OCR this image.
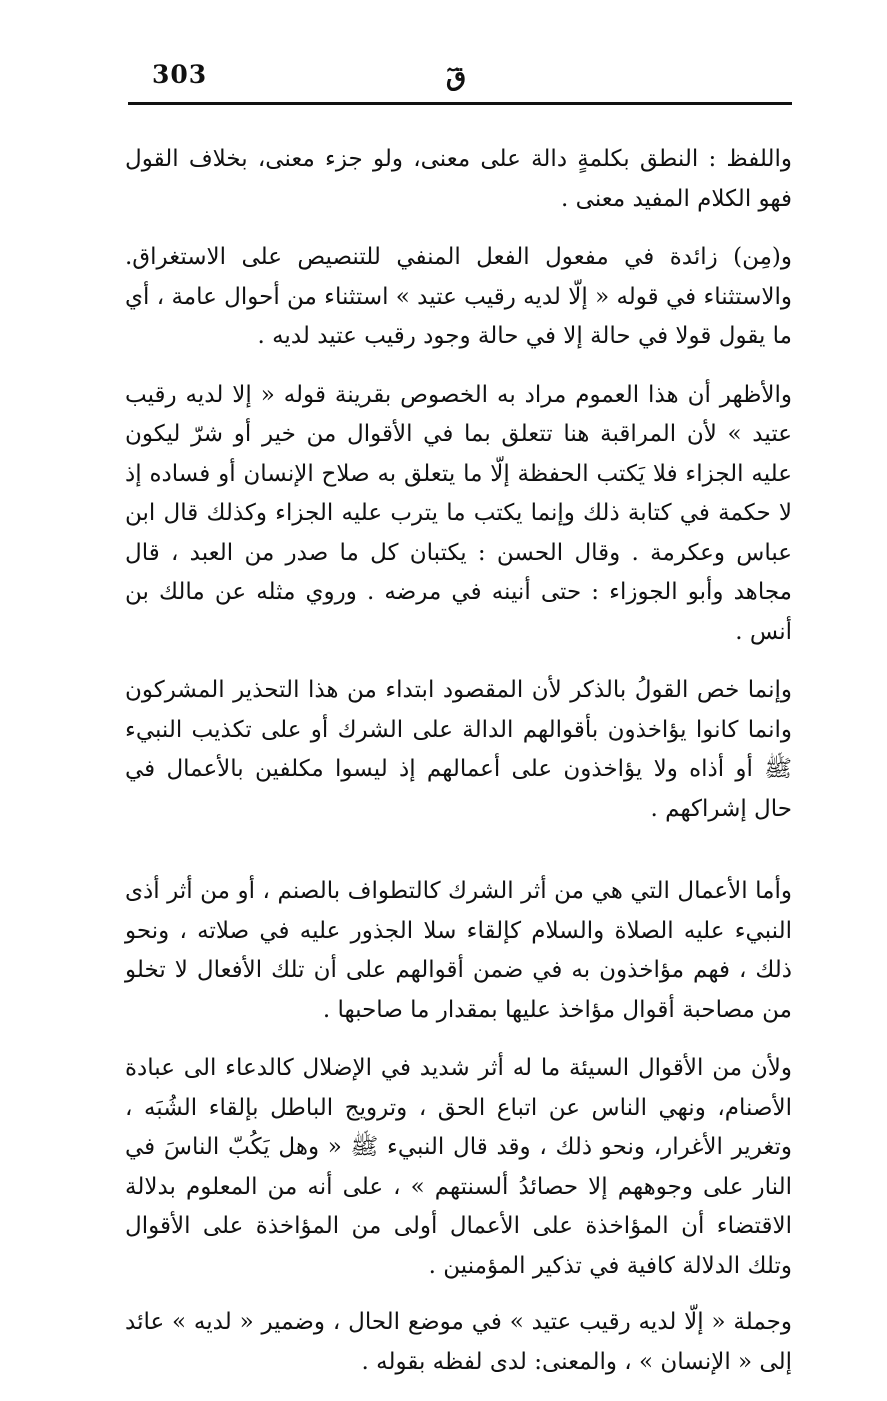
303	قٓ

واللفظ : النطق بكلمةٍ دالة على معنى، ولو جزء معنى، بخلاف القول فهو الكلام المفيد معنى .

و(مِن) زائدة في مفعول الفعل المنفي للتنصيص على الاستغراق. والاستثناء في قوله « إلّا لديه رقيب عتيد » استثناء من أحوال عامة ، أي ما يقول قولا في حالة إلا في حالة وجود رقيب عتيد لديه .

والأظهر أن هذا العموم مراد به الخصوص بقرينة قوله « إلا لديه رقيب عتيد » لأن المراقبة هنا تتعلق بما في الأقوال من خير أو شرّ ليكون عليه الجزاء فلا يَكتب الحفظة إلّا ما يتعلق به صلاح الإنسان أو فساده إذ لا حكمة في كتابة ذلك وإنما يكتب ما يترب عليه الجزاء وكذلك قال ابن عباس وعكرمة . وقال الحسن : يكتبان كل ما صدر من العبد ، قال مجاهد وأبو الجوزاء : حتى أنينه في مرضه . وروي مثله عن مالك بن أنس .

وإنما خص القولُ بالذكر لأن المقصود ابتداء من هذا التحذير المشركون وانما كانوا يؤاخذون بأقوالهم الدالة على الشرك أو على تكذيب النبيء ﷺ أو أذاه ولا يؤاخذون على أعمالهم إذ ليسوا مكلفين بالأعمال في حال إشراكهم .

وأما الأعمال التي هي من أثر الشرك كالتطواف بالصنم ، أو من أثر أذى النبيء عليه الصلاة والسلام كإلقاء سلا الجذور عليه في صلاته ، ونحو ذلك ، فهم مؤاخذون به في ضمن أقوالهم على أن تلك الأفعال لا تخلو من مصاحبة أقوال مؤاخذ عليها بمقدار ما صاحبها .

ولأن من الأقوال السيئة ما له أثر شديد في الإضلال كالدعاء الى عبادة الأصنام، ونهي الناس عن اتباع الحق ، وترويج الباطل بإلقاء الشُبَه ، وتغرير الأغرار، ونحو ذلك ، وقد قال النبيء ﷺ « وهل يَكُبّ الناسَ في النار على وجوههم إلا حصائدُ ألسنتهم » ، على أنه من المعلوم بدلالة الاقتضاء أن المؤاخذة على الأعمال أولى من المؤاخذة على الأقوال وتلك الدلالة كافية في تذكير المؤمنين .

وجملة « إلّا لديه رقيب عتيد » في موضع الحال ، وضمير « لديه » عائد إلى « الإنسان » ، والمعنى: لدى لفظه بقوله .
